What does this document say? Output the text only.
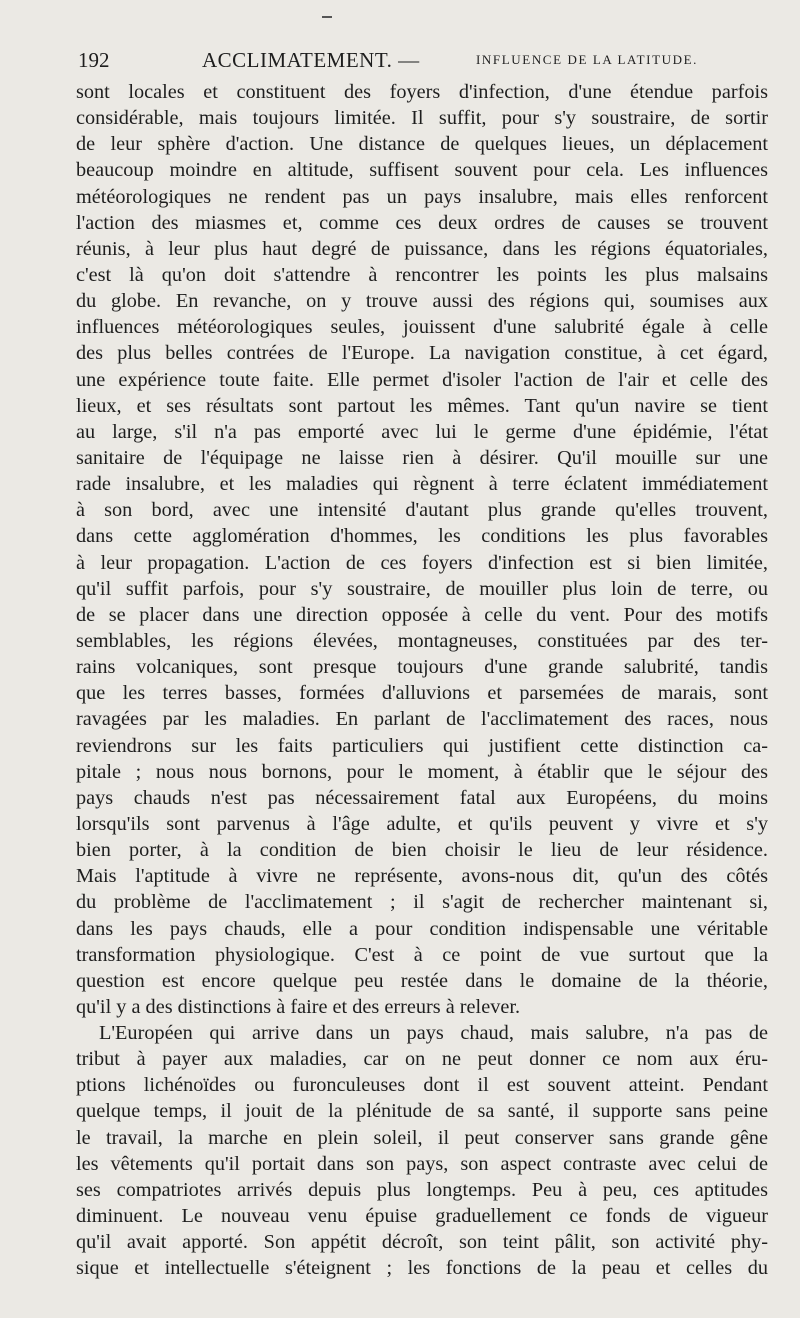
192	ACCLIMATEMENT. —	INFLUENCE DE LA LATITUDE.
sont locales et constituent des foyers d'infection, d'une étendue parfois
considérable, mais toujours limitée. Il suffit, pour s'y soustraire, de sortir
de leur sphère d'action. Une distance de quelques lieues, un déplacement
beaucoup moindre en altitude, suffisent souvent pour cela. Les influences
météorologiques ne rendent pas un pays insalubre, mais elles renforcent
l'action des miasmes et, comme ces deux ordres de causes se trouvent
réunis, à leur plus haut degré de puissance, dans les régions équatoriales,
c'est là qu'on doit s'attendre à rencontrer les points les plus malsains
du globe. En revanche, on y trouve aussi des régions qui, soumises aux
influences météorologiques seules, jouissent d'une salubrité égale à celle
des plus belles contrées de l'Europe. La navigation constitue, à cet égard,
une expérience toute faite. Elle permet d'isoler l'action de l'air et celle des
lieux, et ses résultats sont partout les mêmes. Tant qu'un navire se tient
au large, s'il n'a pas emporté avec lui le germe d'une épidémie, l'état
sanitaire de l'équipage ne laisse rien à désirer. Qu'il mouille sur une
rade insalubre, et les maladies qui règnent à terre éclatent immédiatement
à son bord, avec une intensité d'autant plus grande qu'elles trouvent,
dans cette agglomération d'hommes, les conditions les plus favorables
à leur propagation. L'action de ces foyers d'infection est si bien limitée,
qu'il suffit parfois, pour s'y soustraire, de mouiller plus loin de terre, ou
de se placer dans une direction opposée à celle du vent. Pour des motifs
semblables, les régions élevées, montagneuses, constituées par des ter-
rains volcaniques, sont presque toujours d'une grande salubrité, tandis
que les terres basses, formées d'alluvions et parsemées de marais, sont
ravagées par les maladies. En parlant de l'acclimatement des races, nous
reviendrons sur les faits particuliers qui justifient cette distinction ca-
pitale ; nous nous bornons, pour le moment, à établir que le séjour des
pays chauds n'est pas nécessairement fatal aux Européens, du moins
lorsqu'ils sont parvenus à l'âge adulte, et qu'ils peuvent y vivre et s'y
bien porter, à la condition de bien choisir le lieu de leur résidence.
Mais l'aptitude à vivre ne représente, avons-nous dit, qu'un des côtés
du problème de l'acclimatement ; il s'agit de rechercher maintenant si,
dans les pays chauds, elle a pour condition indispensable une véritable
transformation physiologique. C'est à ce point de vue surtout que la
question est encore quelque peu restée dans le domaine de la théorie,
qu'il y a des distinctions à faire et des erreurs à relever.
L'Européen qui arrive dans un pays chaud, mais salubre, n'a pas de
tribut à payer aux maladies, car on ne peut donner ce nom aux éru-
ptions lichénoïdes ou furonculeuses dont il est souvent atteint. Pendant
quelque temps, il jouit de la plénitude de sa santé, il supporte sans peine
le travail, la marche en plein soleil, il peut conserver sans grande gêne
les vêtements qu'il portait dans son pays, son aspect contraste avec celui de
ses compatriotes arrivés depuis plus longtemps. Peu à peu, ces aptitudes
diminuent. Le nouveau venu épuise graduellement ce fonds de vigueur
qu'il avait apporté. Son appétit décroît, son teint pâlit, son activité phy-
sique et intellectuelle s'éteignent ; les fonctions de la peau et celles du
